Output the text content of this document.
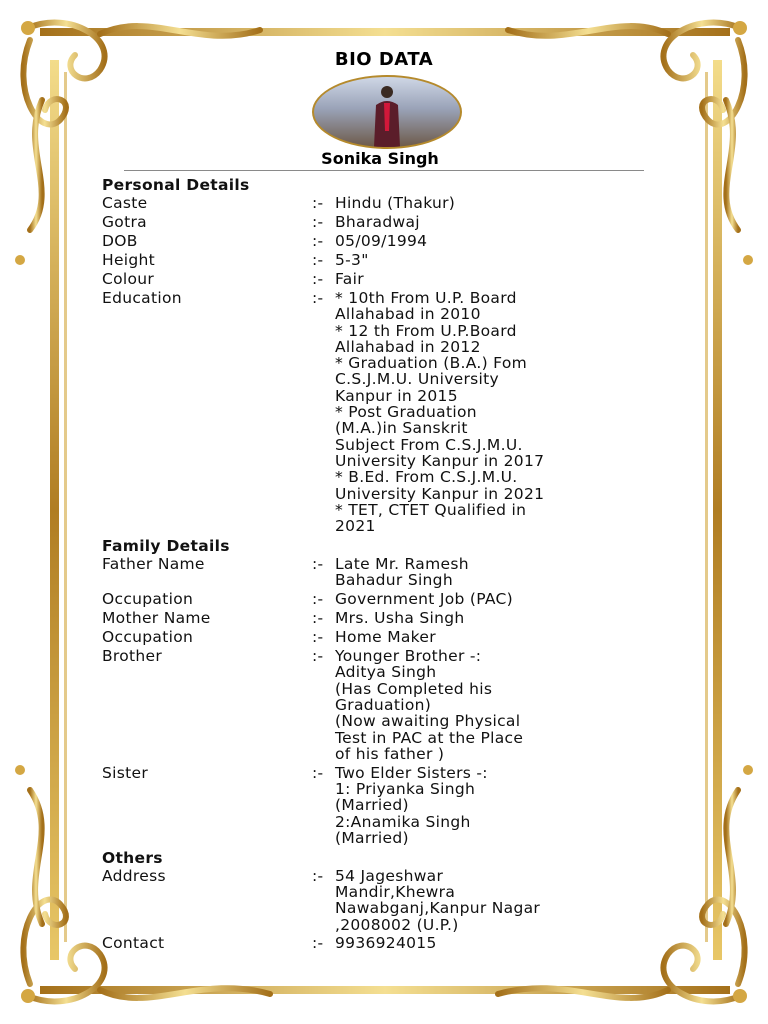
BIO DATA
Sonika Singh
Personal Details
Caste	:- Hindu (Thakur)
Gotra	:- Bharadwaj
DOB	:- 05/09/1994
Height	:- 5-3"
Colour	:- Fair
Education	:- * 10th From U.P. Board
Allahabad in 2010
* 12 th From U.P.Board
Allahabad in 2012
* Graduation (B.A.) Fom
C.S.J.M.U. University
Kanpur in 2015
* Post Graduation
(M.A.)in Sanskrit
Subject From C.S.J.M.U.
University Kanpur in 2017
* B.Ed. From C.S.J.M.U.
University Kanpur in 2021
* TET, CTET Qualified in
2021
Family Details
Father Name	:- Late Mr. Ramesh
Bahadur Singh
Occupation	:- Government Job (PAC)
Mother Name	:- Mrs. Usha Singh
Occupation	:- Home Maker
Brother	:- Younger Brother -:
Aditya Singh
(Has Completed his
Graduation)
(Now awaiting Physical
Test in PAC at the Place
of his father )
Sister	:- Two Elder Sisters -:
1: Priyanka Singh
(Married)
2:Anamika Singh
(Married)
Others
Address	:- 54 Jageshwar
Mandir,Khewra
Nawabganj,Kanpur Nagar
,2008002 (U.P.)
Contact	:- 9936924015
